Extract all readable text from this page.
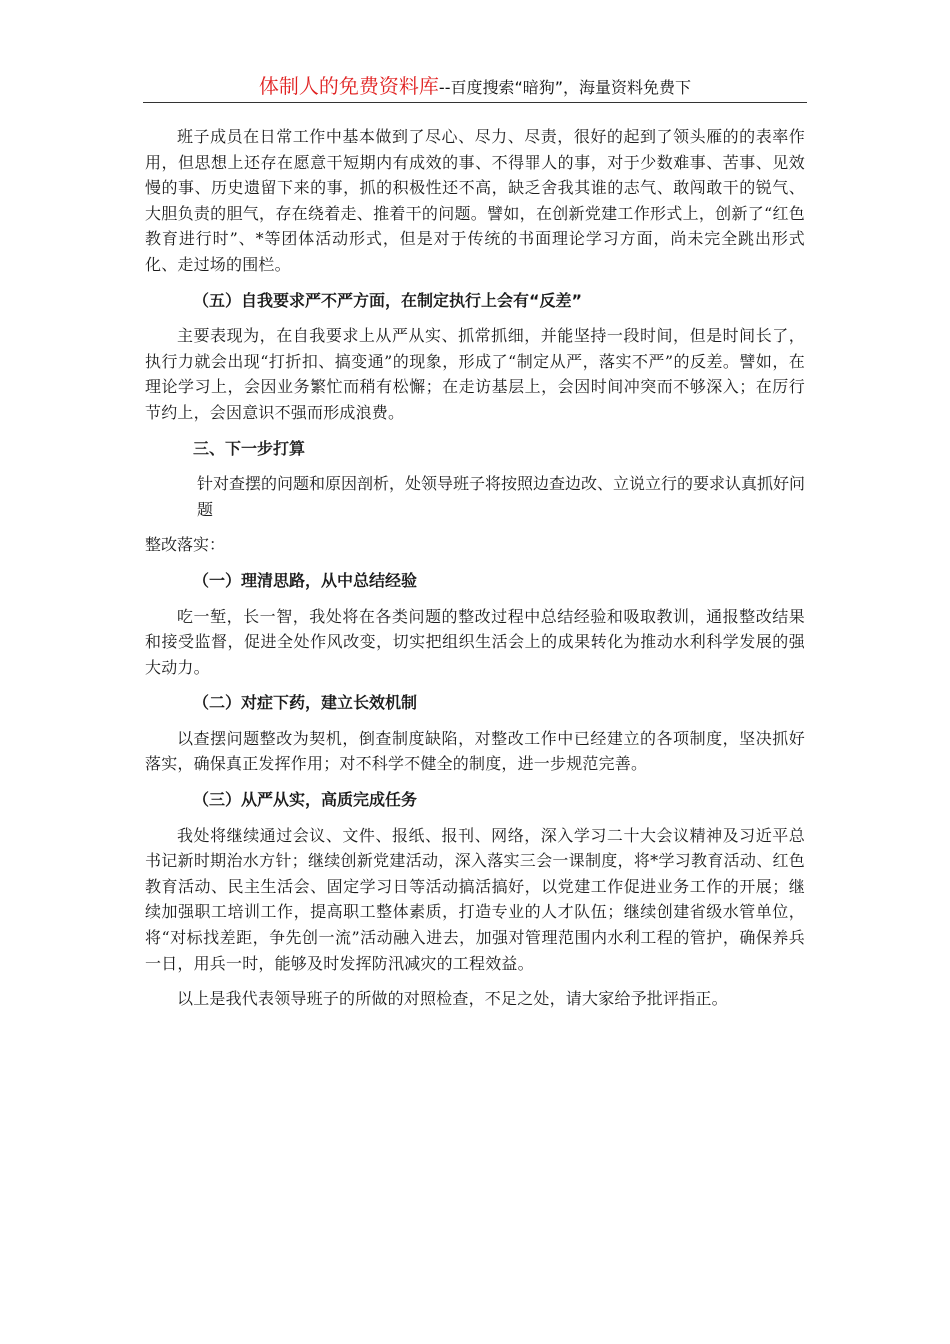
体制人的免费资料库--百度搜索“暗狗”，海量资料免费下

班子成员在日常工作中基本做到了尽心、尽力、尽责，很好的起到了领头雁的的表率作用，但思想上还存在愿意干短期内有成效的事、不得罪人的事，对于少数难事、苦事、见效慢的事、历史遗留下来的事，抓的积极性还不高，缺乏舍我其谁的志气、敢闯敢干的锐气、大胆负责的胆气，存在绕着走、推着干的问题。譬如，在创新党建工作形式上，创新了“红色教育进行时”、*等团体活动形式，但是对于传统的书面理论学习方面，尚未完全跳出形式化、走过场的围栏。

（五）自我要求严不严方面，在制定执行上会有“反差”

主要表现为，在自我要求上从严从实、抓常抓细，并能坚持一段时间，但是时间长了，执行力就会出现“打折扣、搞变通”的现象，形成了“制定从严，落实不严”的反差。譬如，在理论学习上，会因业务繁忙而稍有松懈；在走访基层上，会因时间冲突而不够深入；在厉行节约上，会因意识不强而形成浪费。

三、下一步打算

针对查摆的问题和原因剖析，处领导班子将按照边查边改、立说立行的要求认真抓好问题

整改落实：

（一）理清思路，从中总结经验

吃一堑，长一智，我处将在各类问题的整改过程中总结经验和吸取教训，通报整改结果和接受监督，促进全处作风改变，切实把组织生活会上的成果转化为推动水利科学发展的强大动力。

（二）对症下药，建立长效机制

以查摆问题整改为契机，倒查制度缺陷，对整改工作中已经建立的各项制度，坚决抓好落实，确保真正发挥作用；对不科学不健全的制度，进一步规范完善。

（三）从严从实，高质完成任务

我处将继续通过会议、文件、报纸、报刊、网络，深入学习二十大会议精神及习近平总书记新时期治水方针；继续创新党建活动，深入落实三会一课制度，将*学习教育活动、红色教育活动、民主生活会、固定学习日等活动搞活搞好，以党建工作促进业务工作的开展；继续加强职工培训工作，提高职工整体素质，打造专业的人才队伍；继续创建省级水管单位，将“对标找差距，争先创一流”活动融入进去，加强对管理范围内水利工程的管护，确保养兵一日，用兵一时，能够及时发挥防汛减灾的工程效益。

以上是我代表领导班子的所做的对照检查，不足之处，请大家给予批评指正。
